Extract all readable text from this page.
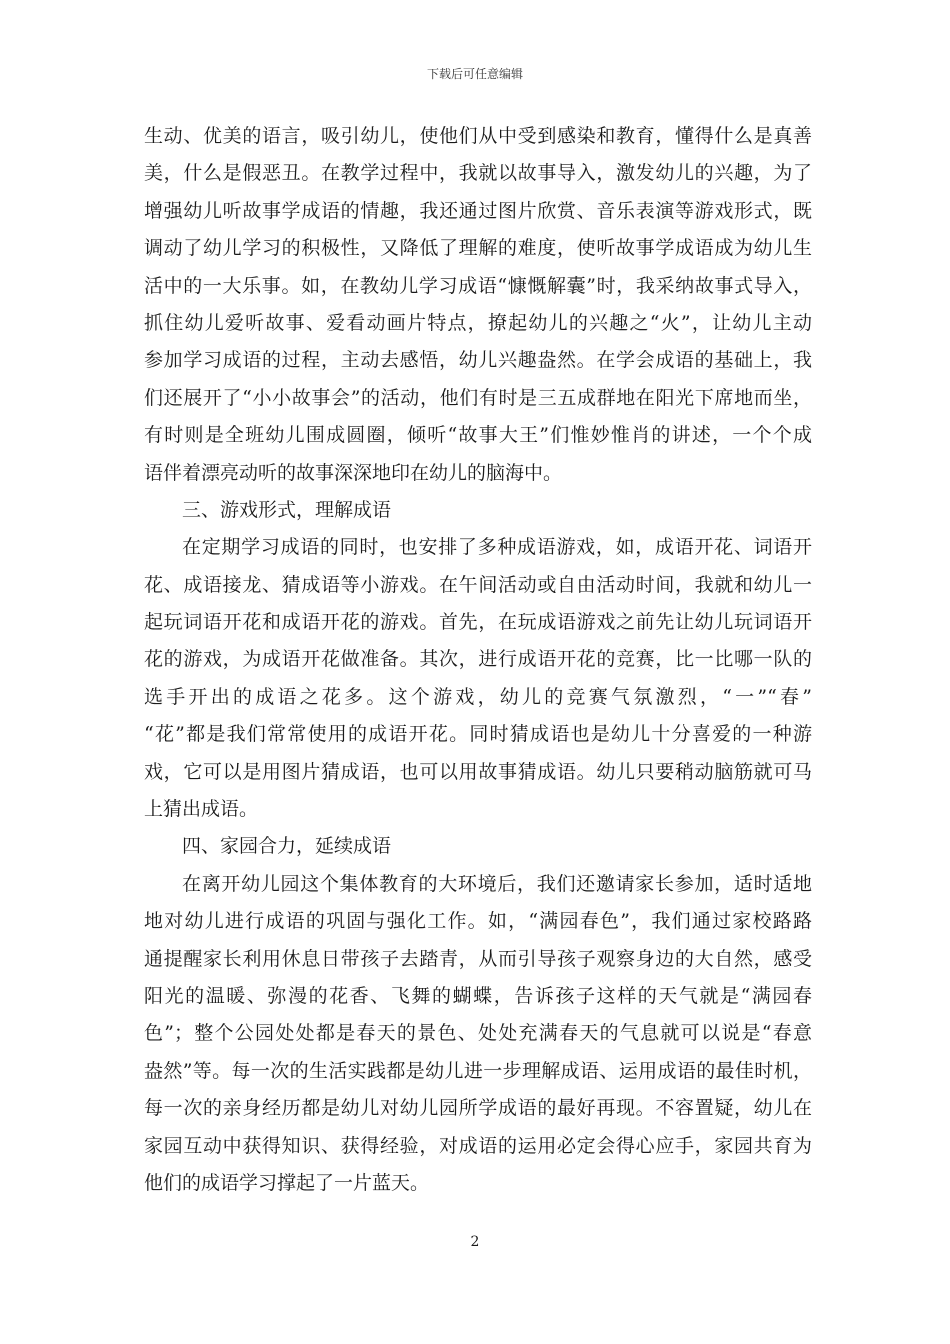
下载后可任意编辑
生动、优美的语言，吸引幼儿，使他们从中受到感染和教育，懂得什么是真善
美，什么是假恶丑。在教学过程中，我就以故事导入，激发幼儿的兴趣，为了
增强幼儿听故事学成语的情趣，我还通过图片欣赏、音乐表演等游戏形式，既
调动了幼儿学习的积极性，又降低了理解的难度，使听故事学成语成为幼儿生
活中的一大乐事。如，在教幼儿学习成语“慷慨解囊”时，我采纳故事式导入，
抓住幼儿爱听故事、爱看动画片特点，撩起幼儿的兴趣之“火”，让幼儿主动
参加学习成语的过程，主动去感悟，幼儿兴趣盎然。在学会成语的基础上，我
们还展开了“小小故事会”的活动，他们有时是三五成群地在阳光下席地而坐，
有时则是全班幼儿围成圆圈，倾听“故事大王”们惟妙惟肖的讲述，一个个成
语伴着漂亮动听的故事深深地印在幼儿的脑海中。
三、游戏形式，理解成语
在定期学习成语的同时，也安排了多种成语游戏，如，成语开花、词语开
花、成语接龙、猜成语等小游戏。在午间活动或自由活动时间，我就和幼儿一
起玩词语开花和成语开花的游戏。首先，在玩成语游戏之前先让幼儿玩词语开
花的游戏，为成语开花做准备。其次，进行成语开花的竞赛，比一比哪一队的
选手开出的成语之花多。这个游戏，幼儿的竞赛气氛激烈，“一”“春”
“花”都是我们常常使用的成语开花。同时猜成语也是幼儿十分喜爱的一种游
戏，它可以是用图片猜成语，也可以用故事猜成语。幼儿只要稍动脑筋就可马
上猜出成语。
四、家园合力，延续成语
在离开幼儿园这个集体教育的大环境后，我们还邀请家长参加，适时适地
地对幼儿进行成语的巩固与强化工作。如，“满园春色”，我们通过家校路路
通提醒家长利用休息日带孩子去踏青，从而引导孩子观察身边的大自然，感受
阳光的温暖、弥漫的花香、飞舞的蝴蝶，告诉孩子这样的天气就是“满园春
色”；整个公园处处都是春天的景色、处处充满春天的气息就可以说是“春意
盎然”等。每一次的生活实践都是幼儿进一步理解成语、运用成语的最佳时机，
每一次的亲身经历都是幼儿对幼儿园所学成语的最好再现。不容置疑，幼儿在
家园互动中获得知识、获得经验，对成语的运用必定会得心应手，家园共育为
他们的成语学习撑起了一片蓝天。
2
